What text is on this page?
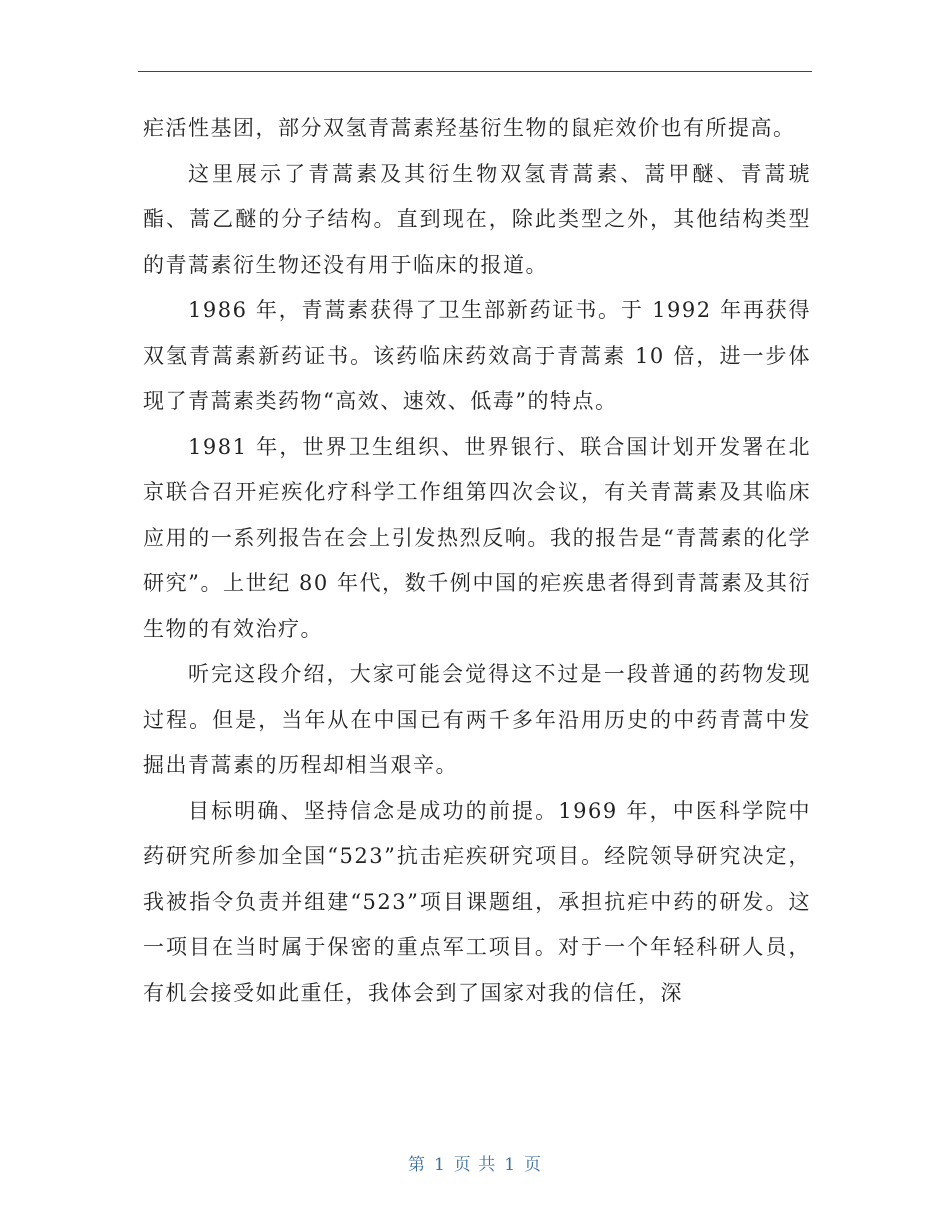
疟活性基团，部分双氢青蒿素羟基衍生物的鼠疟效价也有所提高。

这里展示了青蒿素及其衍生物双氢青蒿素、蒿甲醚、青蒿琥酯、蒿乙醚的分子结构。直到现在，除此类型之外，其他结构类型的青蒿素衍生物还没有用于临床的报道。

1986 年，青蒿素获得了卫生部新药证书。于 1992 年再获得双氢青蒿素新药证书。该药临床药效高于青蒿素 10 倍，进一步体现了青蒿素类药物“高效、速效、低毒”的特点。

1981 年，世界卫生组织、世界银行、联合国计划开发署在北京联合召开疟疾化疗科学工作组第四次会议，有关青蒿素及其临床应用的一系列报告在会上引发热烈反响。我的报告是“青蒿素的化学研究”。上世纪 80 年代，数千例中国的疟疾患者得到青蒿素及其衍生物的有效治疗。

听完这段介绍，大家可能会觉得这不过是一段普通的药物发现过程。但是，当年从在中国已有两千多年沿用历史的中药青蒿中发掘出青蒿素的历程却相当艰辛。

目标明确、坚持信念是成功的前提。1969 年，中医科学院中药研究所参加全国“523”抗击疟疾研究项目。经院领导研究决定，我被指令负责并组建“523”项目课题组，承担抗疟中药的研发。这一项目在当时属于保密的重点军工项目。对于一个年轻科研人员，有机会接受如此重任，我体会到了国家对我的信任，深

第 1 页 共 1 页
